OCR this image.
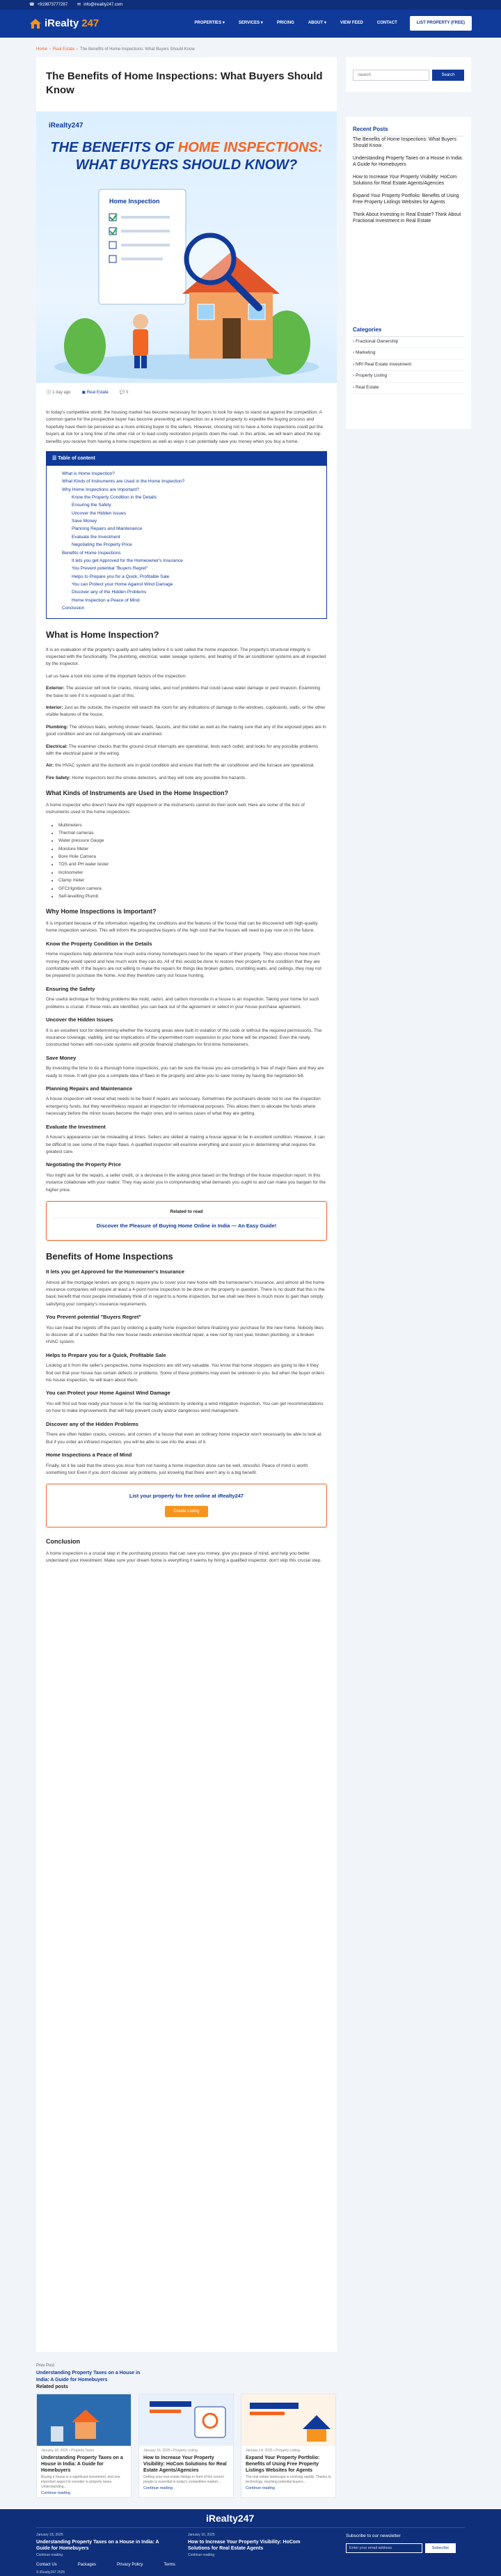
☎ +919873777287 ✉ info@ireality247.com
iRealty 247	PROPERTIES ▾	SERVICES ▾	PRICING	ABOUT ▾	VIEW FEED	CONTACT	LIST PROPERTY (FREE)
Home › Real Estate › The Benefits of Home Inspections: What Buyers Should Know
The Benefits of Home Inspections: What Buyers Should Know
iRealty247
THE BENEFITS OF HOME INSPECTIONS:
WHAT BUYERS SHOULD KNOW?
Home Inspection
🕓 1 day ago	▣ Real Estate	💬 0

In today's competitive world, the housing market has become necessary for buyers to look for ways to stand out against the competition. A common game for the prospective buyer has become preventing an inspection on a trend property to expedite the buying process and hopefully have them be perceived as a more enticing buyer to the sellers. However, choosing not to have a home inspections could put the buyers at risk for a long time of the other risk or to lead costly restoration projects down the road. In this article, we will learn about the top benefits you receive from having a home inspections as well as ways it can potentially save you money when you buy a home.

☰ Table of content
What is Home Inspection?
What Kinds of Instruments are Used in the Home Inspection?
Why Home Inspections are Important?
Know the Property Condition in the Details
Ensuring the Safety
Uncover the Hidden Issues
Save Money
Planning Repairs and Maintenance
Evaluate the Investment
Negotiating the Property Price
Benefits of Home Inspections
It lets you get Approved for the Homeowner's Insurance
You Prevent potential "Buyers Regret"
Helps to Prepare you for a Quick, Profitable Sale
You can Protect your Home Against Wind Damage
Discover any of the Hidden Problems
Home Inspection a Peace of Mind
Conclusion
What is Home Inspection?

It is an evaluation of the property's quality and safety before it is sold called the home inspection. The property's structural integrity is inspected with the functionality. The plumbing, electrical, water sewage systems, and heating of the air conditioner systems are all inspected by the inspector.

Let us have a look into some of the important factors of the inspection:

Exterior: The assessor will look for cracks, missing sides, and roof problems that could cause water damage or pest invasion. Examining the base to see if it is exposed is part of this.

Interior: Just as the outside, the inspector will search the room for any indications of damage to the windows, cupboards, walls, or the other visible features of the house.

Plumbing: The obvious leaks, working shower heads, faucets, and the toilet as well as the making sure that any of the exposed pipes are in good condition and are not dangerously old are examined.

Electrical: The examiner checks that the ground circuit interrupts are operational, tests each outlet, and looks for any possible problems with the electrical panel or the wiring.

Air: the HVAC system and the ductwork are in good condition and ensure that both the air conditioner and the furnace are operational.

Fire Safety: Home inspectors test the smoke detectors, and they will note any possible fire hazards.

What Kinds of Instruments are Used in the Home Inspection?

A home inspector who doesn't have the right equipment or the instruments cannot do their work well. Here are some of the lists of instruments used in the home inspections:

• Multimeters
• Thermal cameras
• Water pressure Gauge
• Moisture Meter
• Bore Hole Camera
• TDS and PH water tester
• Inclinometer
• Clamp meter
• GFCI/Ignition camera
• Self-levelling Plumb
Why Home Inspections is Important?

It is important because of the information regarding the conditions and the features of the house that can be discovered with high-quality home inspection services. This will inform the prospective buyers of the high cost that the houses will need to pay now on in the future.

Know the Property Condition in the Details

Home inspections help determine how much extra money homebuyers need for the repairs of their property. They also choose how much money they would spend and how much work they can do. All of this would be done to restore their property to the condition that they are comfortable with. If the buyers are not willing to make the repairs for things like broken gutters, crumbling walls, and ceilings, they may not be prepared to purchase the home. And they therefore carry out house hunting.

Ensuring the Safety

One useful technique for finding problems like mold, radon, and carbon monoxide in a house is an inspection. Taking your home for such problems is crucial. If these risks are identified, you can back out of the agreement or select in your house purchase agreement.

Uncover the Hidden Issues

It is an excellent tool for determining whether the housing areas were built in violation of the code or without the required permissions. The insurance coverage, viability, and tax implications of the unpermitted room expansion to your home will be impacted. Even the newly constructed homes with non-code systems will provide financial challenges for first-time homeowners.

Save Money

By investing the time to do a thorough home inspections, you can be sure the house you are considering is free of major flaws and they are ready to move. It will give you a complete idea of flaws in the property and allow you to save money by having the negotiation bill.

Planning Repairs and Maintenance

A house inspection will reveal what needs to be fixed if repairs are necessary. Sometimes the purchasers decide not to use the inspection emergency funds, but they nevertheless request an inspection for informational purposes. This allows them to allocate the funds where necessary before the minor issues become the major ones and in serious cases of what they are getting.

Evaluate the Investment

A house's appearance can be misleading at times. Sellers are skilled at making a house appear to be in excellent condition. However, it can be difficult to see some of the major flaws. A qualified inspector will examine everything and assist you in determining what requires the greatest care.

Negotiating the Property Price

You might ask for the repairs, a seller credit, or a decrease in the asking price based on the findings of the house inspection report. In this instance collaborate with your realtor. They may assist you in comprehending what demands you ought to and can make you bargain for the higher price.

Related to read
Discover the Pleasure of Buying Home Online in India — An Easy Guide!
Benefits of Home Inspections
It lets you get Approved for the Homeowner's Insurance

Almost all the mortgage lenders are going to require you to cover your new home with the homeowner's insurance, and almost all the home insurance companies will require at least a 4-point home inspection to be done on the property in question. There is no doubt that this is the basic benefit that most people immediately think of in regard to a home inspection, but we shall see there is much more to gain than simply satisfying your company's insurance requirements.

You Prevent potential "Buyers Regret"

You can head the regrets off the past by ordering a quality home inspection before finalizing your purchase for the new home. Nobody likes to discover all of a sudden that the new house needs extensive electrical repair, a new roof by next year, broken plumbing, or a broken HVAC system.

Helps to Prepare you for a Quick, Profitable Sale

Looking at it from the seller's perspective, home inspections are still very valuable. You know that home shoppers are going to like it they find out that your house has certain defects or problems. Some of these problems may even be unknown to you, but when the buyer orders his house inspection, he will learn about them.

You can Protect your Home Against Wind Damage

You will find out how ready your house is for the real big windstorm by ordering a wind mitigation inspection. You can get recommendations on how to make improvements that will help prevent costly and/or dangerous wind management.

Discover any of the Hidden Problems

There are often hidden cracks, crevices, and corners of a house that even an ordinary home inspector won't necessarily be able to look at. But if you order an infrared inspection, you will be able to see into the areas of it.

Home Inspections a Peace of Mind

Finally, let it be said that the stress you incur from not having a home inspection done can be well, stressful. Peace of mind is worth something too! Even if you don't discover any problems, just knowing that there aren't any is a big benefit.

List your property for free online at iRealty247
Create Listing
Conclusion

A home inspection is a crucial step in the purchasing process that can save you money, give you peace of mind, and help you better understand your investment. Make sure your dream home is everything it seems by hiring a qualified inspector, don't skip this crucial step.

Prev Post
Understanding Property Taxes on a House in India: A Guide for Homebuyers
Related posts
January 18, 2025 • Property Taxes
Understanding Property Taxes on a House in India: A Guide for Homebuyers
Buying a house is a significant investment, and one important aspect to consider is property taxes. Understanding...
Continue reading
January 16, 2025 • Property Listing
How to Increase Your Property Visibility: HoCom Solutions for Real Estate Agents/Agencies
Getting your real estate listings in front of the correct people is essential in today's competitive market...
Continue reading
January 14, 2025 • Property Listing
Expand Your Property Portfolio: Benefits of Using Free Property Listings Websites for Agents
The real estate landscape is evolving rapidly. Thanks to technology, reaching potential buyers...
Continue reading
Search
Search
Recent Posts
The Benefits of Home Inspections: What Buyers Should Know
Understanding Property Taxes on a House in India: A Guide for Homebuyers
How to Increase Your Property Visibility: HoCom Solutions for Real Estate Agents/Agencies
Expand Your Property Portfolio: Benefits of Using Free Property Listings Websites for Agents
Think About Investing in Real Estate? Think About Fractional Investment in Real Estate
Categories
› Fractional Ownership
› Marketing
› NRI Real Estate Investment
› Property Listing
› Real Estate
iRealty247
January 18, 2025
Understanding Property Taxes on a House in India: A Guide for Homebuyers
Continue reading
January 16, 2025
How to Increase Your Property Visibility: HoCom Solutions for Real Estate Agents
Continue reading
Subscribe to our newsletter
Enter your email address	Subscribe
Contact Us	Packages	Privacy Policy	Terms
© iRealty247 2025
